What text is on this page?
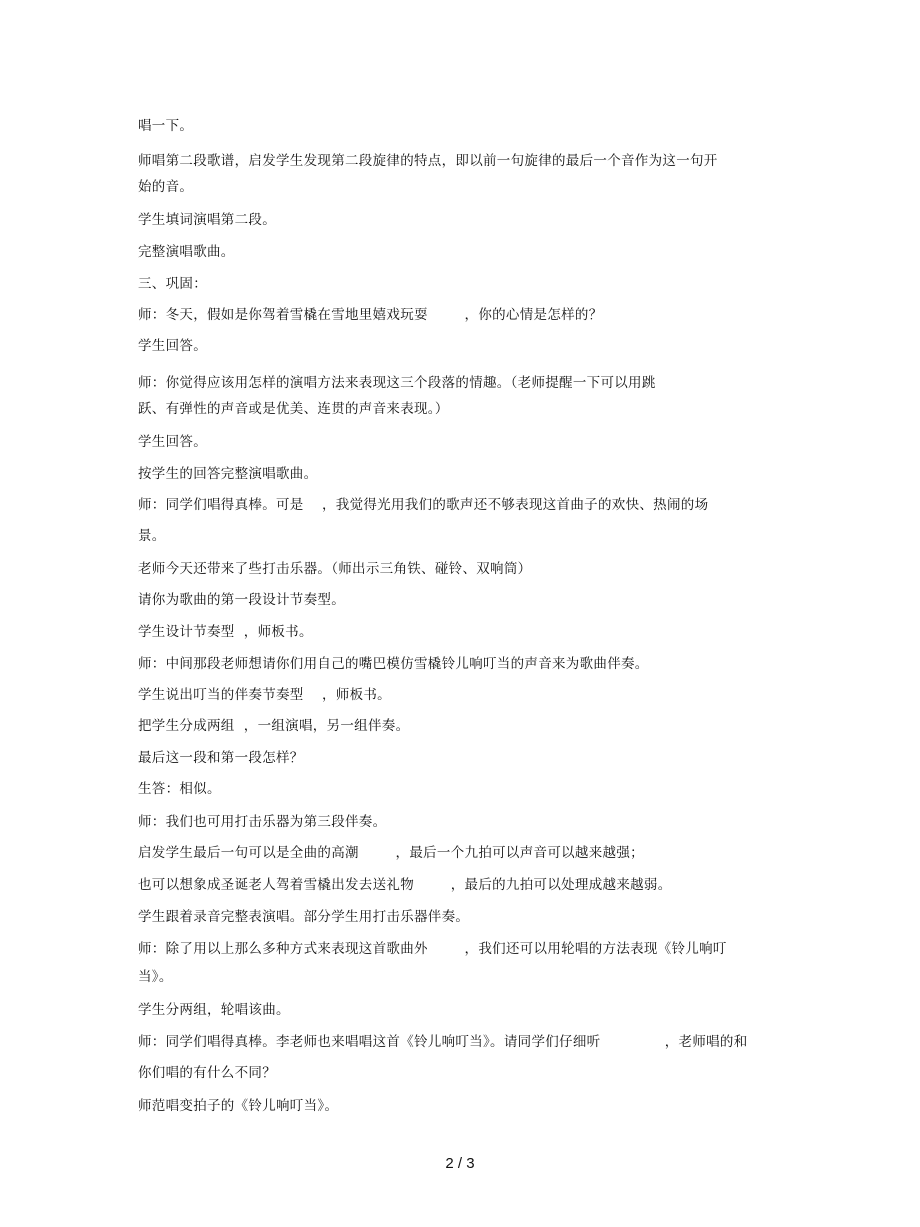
唱一下。
师唱第二段歌谱，启发学生发现第二段旋律的特点，即以前一句旋律的最后一个音作为这一句开
始的音。
学生填词演唱第二段。
完整演唱歌曲。
三、巩固：
师：冬天，假如是你驾着雪橇在雪地里嬉戏玩耍        ，你的心情是怎样的？
学生回答。
师：你觉得应该用怎样的演唱方法来表现这三个段落的情趣。（老师提醒一下可以用跳
跃、有弹性的声音或是优美、连贯的声音来表现。）
学生回答。
按学生的回答完整演唱歌曲。
师：同学们唱得真棒。可是    ，我觉得光用我们的歌声还不够表现这首曲子的欢快、热闹的场
景。
老师今天还带来了些打击乐器。（师出示三角铁、碰铃、双响筒）
请你为歌曲的第一段设计节奏型。
学生设计节奏型  ，师板书。
师：中间那段老师想请你们用自己的嘴巴模仿雪橇铃儿响叮当的声音来为歌曲伴奏。
学生说出叮当的伴奏节奏型    ，师板书。
把学生分成两组  ，一组演唱，另一组伴奏。
最后这一段和第一段怎样？
生答：相似。
师：我们也可用打击乐器为第三段伴奏。
启发学生最后一句可以是全曲的高潮        ，最后一个九拍可以声音可以越来越强；
也可以想象成圣诞老人驾着雪橇出发去送礼物        ，最后的九拍可以处理成越来越弱。
学生跟着录音完整表演唱。部分学生用打击乐器伴奏。
师：除了用以上那么多种方式来表现这首歌曲外        ，我们还可以用轮唱的方法表现《铃儿响叮
当》。
学生分两组，轮唱该曲。
师：同学们唱得真棒。李老师也来唱唱这首《铃儿响叮当》。请同学们仔细听              ，老师唱的和
你们唱的有什么不同？
师范唱变拍子的《铃儿响叮当》。
2 / 3
